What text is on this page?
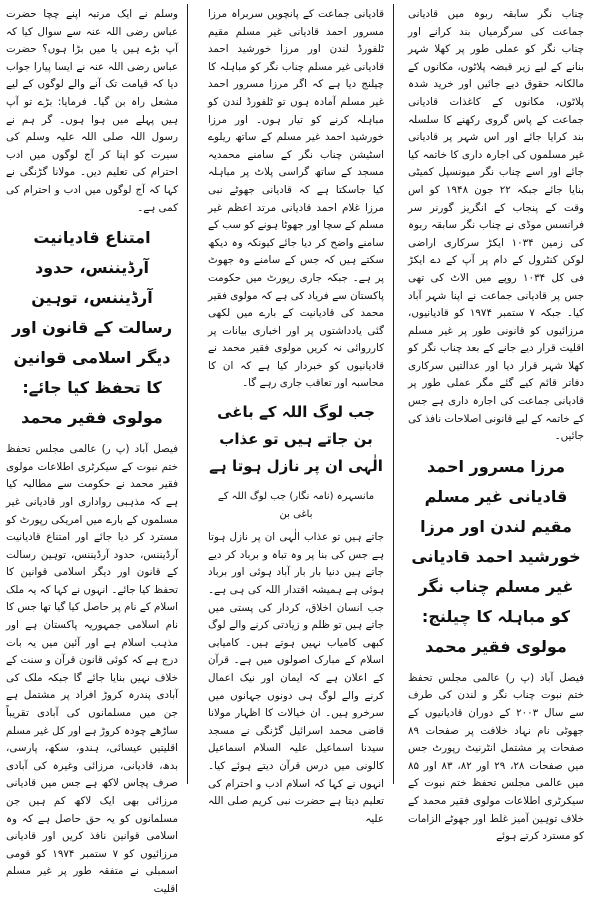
چناب نگر سابقہ ربوہ میں قادیانی جماعت کی سرگرمیاں بند کرانے اور چناب نگر کو عملی طور پر کھلا شہر بنانے کے لیے زیر قبضہ پلاٹوں، مکانوں کے مالکانہ حقوق دیے جائیں اور خرید شدہ پلاٹوں، مکانوں کے کاغذات قادیانی جماعت کے پاس گروی رکھنے کا سلسلہ بند کرایا جائے اور اس شہر پر قادیانی غیر مسلموں کی اجارہ داری کا خاتمہ کیا جائے اور اسے چناب نگر میونسپل کمیٹی بنایا جائے جبکہ ۲۲ جون ۱۹۴۸ کو اس وقت کے پنجاب کے انگریز گورنر سر فرانسس موڈی نے چناب نگر سابقہ ربوہ کی زمین ۱۰۳۴ ایکڑ سرکاری اراضی لوکن کنٹرول کے دام پر آپ کے دے ایکڑ فی کل ۱۰۳۴ روپے میں الاٹ کی تھی جس پر قادیانی جماعت نے اپنا شہر آباد کیا۔ جبکہ ۷ ستمبر ۱۹۷۴ کو قادیانیوں، مرزائیوں کو قانونی طور پر غیر مسلم اقلیت قرار دیے جانے کے بعد چناب نگر کو کھلا شہر قرار دیا اور عدالتیں سرکاری دفاتر قائم کیے گئے مگر عملی طور پر قادیانی جماعت کی اجارہ داری ہے جس کے خاتمہ کے لیے قانونی اصلاحات نافذ کی جائیں۔

مرزا مسرور احمد قادیانی غیر مسلم مقیم لندن اور مرزا خورشید احمد قادیانی غیر مسلم چناب نگر کو مباہلہ کا چیلنج: مولوی فقیر محمد

فیصل آباد (پ ر) عالمی مجلس تحفظ ختم نبوت چناب نگر و لندن کی طرف سے سال ۲۰۰۳ کے دوران قادیانیوں کے جھوٹی نام نہاد خلافت پر صفحات ۸۹ صفحات پر مشتمل انٹرنیٹ رپورٹ جس میں صفحات ۲۸، ۲۹ اور ۸۲، ۸۳ اور ۸۵ میں عالمی مجلس تحفظ ختم نبوت کے سیکرٹری اطلاعات مولوی فقیر محمد کے خلاف توہین آمیز غلط اور جھوٹے الزامات کو مسترد کرتے ہوئے

قادیانی جماعت کے پانچویں سربراہ مرزا مسرور احمد قادیانی غیر مسلم مقیم ٹلفورڈ لندن اور مرزا خورشید احمد قادیانی غیر مسلم چناب نگر کو مباہلہ کا چیلنج دیا ہے کہ اگر مرزا مسرور احمد غیر مسلم آمادہ ہوں تو ٹلفورڈ لندن کو مباہلہ کرنے کو تیار ہوں۔ اور مرزا خورشید احمد غیر مسلم کے ساتھ ریلوے اسٹیشن چناب نگر کے سامنے محمدیہ مسجد کے ساتھ گراسی پلاٹ پر مباہلہ کیا جاسکتا ہے کہ قادیانی جھوٹے نبی مرزا غلام احمد قادیانی مرتد اعظم غیر مسلم کے سچا اور جھوٹا ہونے کو سب کے سامنے واضح کر دیا جائے کیونکہ وہ دیکھ سکتے ہیں کہ جس کے سامنے وہ جھوٹ پر ہے۔ جبکہ جاری رپورٹ میں حکومت پاکستان سے فریاد کی ہے کہ مولوی فقیر محمد کی قادیانیت کے بارے میں لکھی گئی یادداشتوں پر اور اخباری بیانات پر کارروائی نہ کریں مولوی فقیر محمد نے قادیانیوں کو خبردار کیا ہے کہ ان کا محاسبہ اور تعاقب جاری رہے گا۔

جب لوگ اللہ کے باغی بن جاتے ہیں تو عذاب الٰہی ان پر نازل ہوتا ہے
مانسہرہ (نامہ نگار) جب لوگ اللہ کے باغی بن

جاتے ہیں تو عذاب الٰہی ان پر نازل ہوتا ہے جس کی بنا پر وہ تباہ و برباد کر دیے جاتے ہیں دنیا بار بار آباد ہوئی اور برباد ہوئی ہے ہمیشہ اقتدار اللہ کی ہی ہے۔ جب انسان اخلاق، کردار کی پستی میں جاتے ہیں تو ظلم و زیادتی کرنے والے لوگ کبھی کامیاب نہیں ہوتے ہیں۔ کامیابی اسلام کے مبارک اصولوں میں ہے۔ قرآن کے اعلان ہے کہ ایمان اور نیک اعمال کرنے والے لوگ ہی دونوں جہانوں میں سرخرو ہیں۔ ان خیالات کا اظہار مولانا قاضی محمد اسرائیل گڑنگی نے مسجد سیدنا اسماعیل علیہ السلام اسماعیل کالونی میں درس قرآن دیتے ہوئے کیا۔ انہوں نے کہا کہ اسلام ادب و احترام کی تعلیم دیتا ہے حضرت نبی کریم صلی اللہ علیہ

وسلم نے ایک مرتبہ اپنے چچا حضرت عباس رضی اللہ عنہ سے سوال کیا کہ آپ بڑے ہیں یا میں بڑا ہوں؟ حضرت عباس رضی اللہ عنہ نے ایسا پیارا جواب دیا کہ قیامت تک آنے والے لوگوں کے لیے مشعل راہ بن گیا۔ فرمایا: بڑے تو آپ ہیں پہلے میں ہوا ہوں۔ گر ہم نے رسول اللہ صلی اللہ علیہ وسلم کی سیرت کو اپنا کر آج لوگوں میں ادب احترام کی تعلیم دیں۔ مولانا گڑنگی نے کہا کہ آج لوگوں میں ادب و احترام کی کمی ہے۔

امتناع قادیانیت آرڈیننس، حدود آرڈیننس، توہین رسالت کے قانون اور دیگر اسلامی قوانین کا تحفظ کیا جائے: مولوی فقیر محمد

فیصل آباد (پ ر) عالمی مجلس تحفظ ختم نبوت کے سیکرٹری اطلاعات مولوی فقیر محمد نے حکومت سے مطالبہ کیا ہے کہ مذہبی رواداری اور قادیانی غیر مسلموں کے بارے میں امریکی رپورٹ کو مسترد کر دیا جائے اور امتناع قادیانیت آرڈیننس، حدود آرڈیننس، توہین رسالت کے قانون اور دیگر اسلامی قوانین کا تحفظ کیا جائے۔ انہوں نے کہا کہ یہ ملک اسلام کے نام پر حاصل کیا گیا تھا جس کا نام اسلامی جمہوریہ پاکستان ہے اور مذہب اسلام ہے اور آئین میں یہ بات درج ہے کہ کوئی قانون قرآن و سنت کے خلاف نہیں بنایا جائے گا جبکہ ملک کی آبادی پندرہ کروڑ افراد پر مشتمل ہے جن میں مسلمانوں کی آبادی تقریباً ساڑھے چودہ کروڑ ہے اور کل غیر مسلم اقلیتیں عیسائی، ہندو، سکھ، پارسی، بدھ، قادیانی، مرزائی وغیرہ کی آبادی صرف پچاس لاکھ ہے جس میں قادیانی مرزائی بھی ایک لاکھ کم ہیں جن مسلمانوں کو یہ حق حاصل ہے کہ وہ اسلامی قوانین نافذ کریں اور قادیانی مرزائیوں کو ۷ ستمبر ۱۹۷۴ کو قومی اسمبلی نے متفقہ طور پر غیر مسلم اقلیت
